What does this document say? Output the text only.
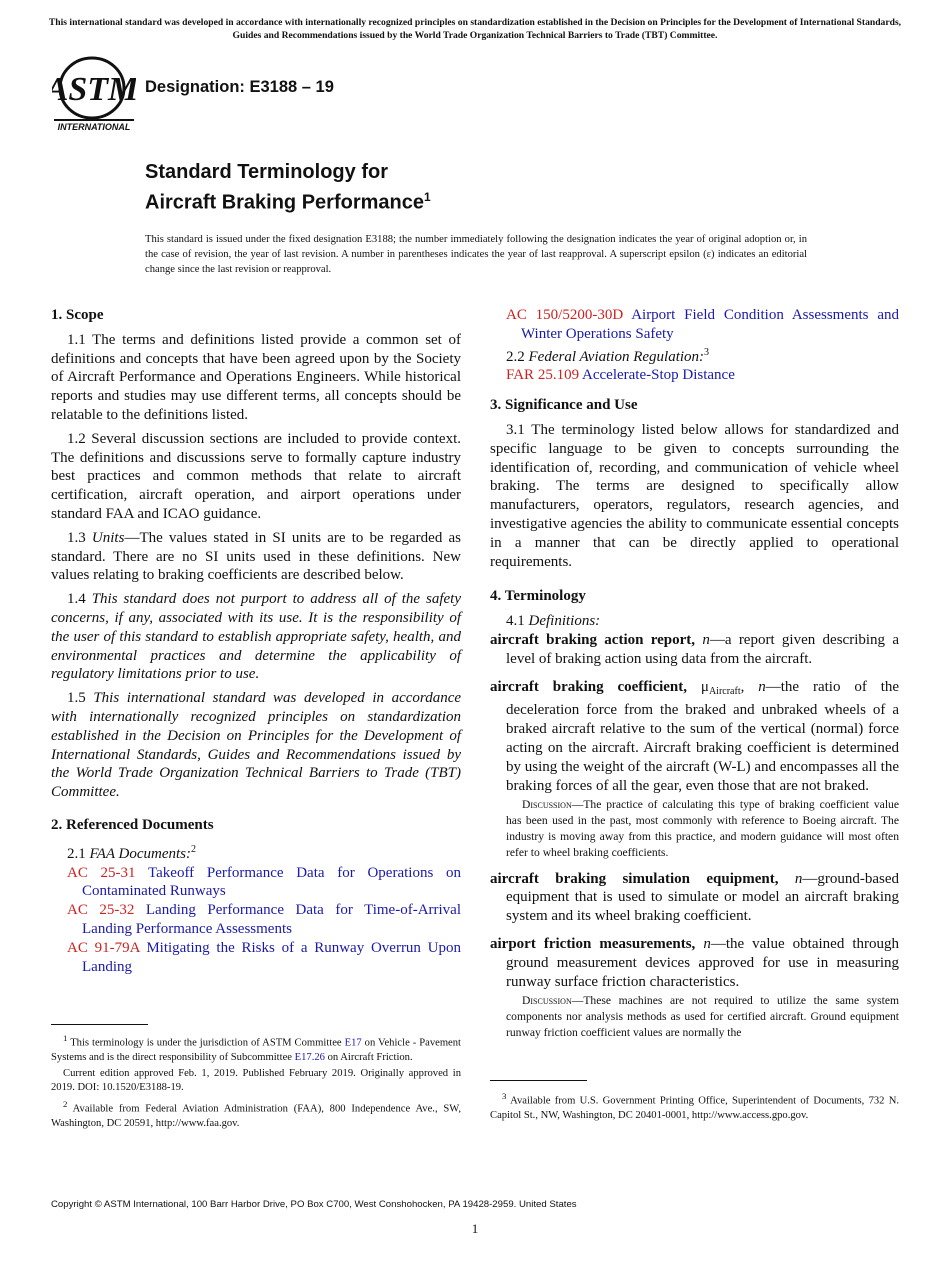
This international standard was developed in accordance with internationally recognized principles on standardization established in the Decision on Principles for the Development of International Standards, Guides and Recommendations issued by the World Trade Organization Technical Barriers to Trade (TBT) Committee.
ASTM
INTERNATIONAL
Designation: E3188 – 19
Standard Terminology for
Aircraft Braking Performance$^1$
This standard is issued under the fixed designation E3188; the number immediately following the designation indicates the year of original adoption or, in the case of revision, the year of last revision. A number in parentheses indicates the year of last reapproval. A superscript epsilon (ε) indicates an editorial change since the last revision or reapproval.
1. Scope

1.1 The terms and definitions listed provide a common set of definitions and concepts that have been agreed upon by the Society of Aircraft Performance and Operations Engineers. While historical reports and studies may use different terms, all concepts should be relatable to the definitions listed.

1.2 Several discussion sections are included to provide context. The definitions and discussions serve to formally capture industry best practices and common methods that relate to aircraft certification, aircraft operation, and airport operations under standard FAA and ICAO guidance.

1.3 Units—The values stated in SI units are to be regarded as standard. There are no SI units used in these definitions. New values relating to braking coefficients are described below.

1.4 This standard does not purport to address all of the safety concerns, if any, associated with its use. It is the responsibility of the user of this standard to establish appropriate safety, health, and environmental practices and determine the applicability of regulatory limitations prior to use.

1.5 This international standard was developed in accordance with internationally recognized principles on standardization established in the Decision on Principles for the Development of International Standards, Guides and Recommendations issued by the World Trade Organization Technical Barriers to Trade (TBT) Committee.

2. Referenced Documents

2.1 FAA Documents:$^2$

AC 25-31 Takeoff Performance Data for Operations on Contaminated Runways

AC 25-32 Landing Performance Data for Time-of-Arrival Landing Performance Assessments

AC 91-79A Mitigating the Risks of a Runway Overrun Upon Landing

$^1$ This terminology is under the jurisdiction of ASTM Committee E17 on Vehicle - Pavement Systems and is the direct responsibility of Subcommittee E17.26 on Aircraft Friction.

Current edition approved Feb. 1, 2019. Published February 2019. Originally approved in 2019. DOI: 10.1520/E3188-19.

$^2$ Available from Federal Aviation Administration (FAA), 800 Independence Ave., SW, Washington, DC 20591, http://www.faa.gov.

AC 150/5200-30D Airport Field Condition Assessments and Winter Operations Safety

2.2 Federal Aviation Regulation:$^3$

FAR 25.109 Accelerate-Stop Distance

3. Significance and Use

3.1 The terminology listed below allows for standardized and specific language to be given to concepts surrounding the identification of, recording, and communication of vehicle wheel braking. The terms are designed to specifically allow manufacturers, operators, regulators, research agencies, and investigative agencies the ability to communicate essential concepts in a manner that can be directly applied to operational requirements.

4. Terminology

4.1 Definitions:

aircraft braking action report, n—a report given describing a level of braking action using data from the aircraft.

aircraft braking coefficient, $\mu_{Aircraft}$, n—the ratio of the deceleration force from the braked and unbraked wheels of a braked aircraft relative to the sum of the vertical (normal) force acting on the aircraft. Aircraft braking coefficient is determined by using the weight of the aircraft (W-L) and encompasses all the braking forces of all the gear, even those that are not braked.

Discussion—The practice of calculating this type of braking coefficient value has been used in the past, most commonly with reference to Boeing aircraft. The industry is moving away from this practice, and modern guidance will most often refer to wheel braking coefficients.

aircraft braking simulation equipment, n—ground-based equipment that is used to simulate or model an aircraft braking system and its wheel braking coefficient.

airport friction measurements, n—the value obtained through ground measurement devices approved for use in measuring runway surface friction characteristics.

Discussion—These machines are not required to utilize the same system components nor analysis methods as used for certified aircraft. Ground equipment runway friction coefficient values are normally the

$^3$ Available from U.S. Government Printing Office, Superintendent of Documents, 732 N. Capitol St., NW, Washington, DC 20401-0001, http://www.access.gpo.gov.

Copyright © ASTM International, 100 Barr Harbor Drive, PO Box C700, West Conshohocken, PA 19428-2959. United States
1
